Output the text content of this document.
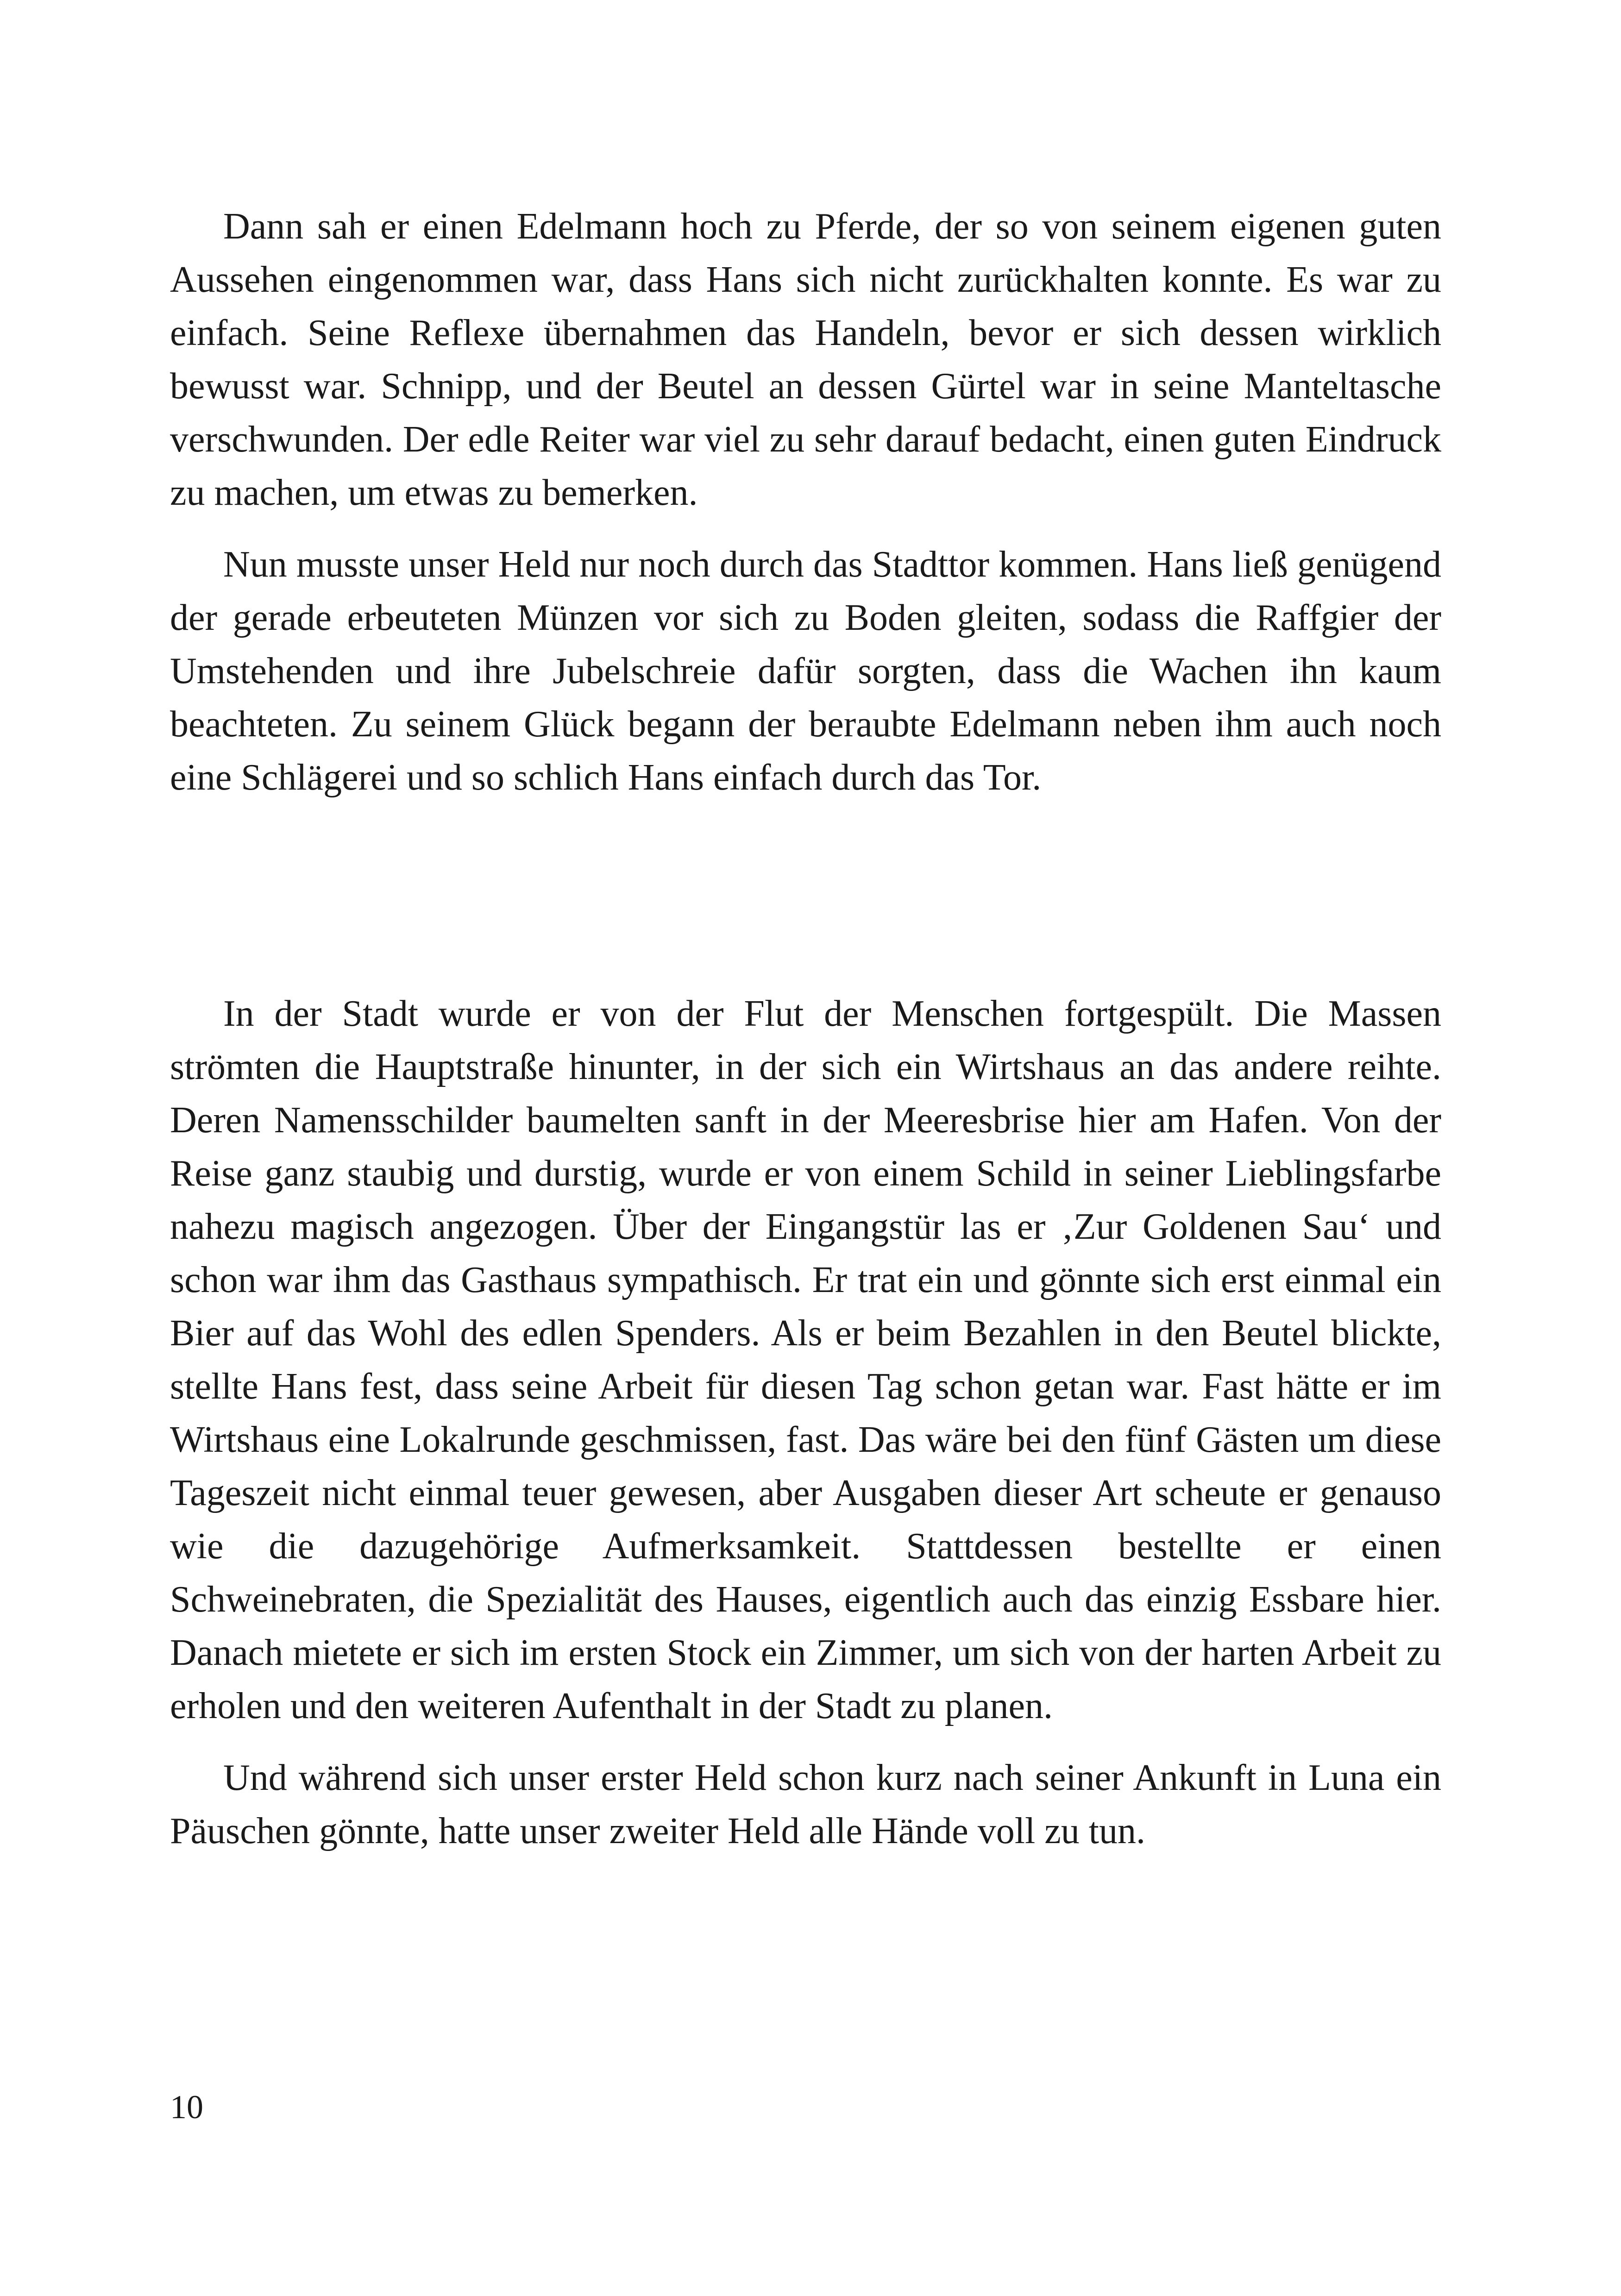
Dann sah er einen Edelmann hoch zu Pferde, der so von seinem eigenen guten Aussehen eingenommen war, dass Hans sich nicht zurückhalten konnte. Es war zu einfach. Seine Reflexe übernahmen das Handeln, bevor er sich dessen wirklich bewusst war. Schnipp, und der Beutel an dessen Gürtel war in seine Manteltasche verschwunden. Der edle Reiter war viel zu sehr darauf bedacht, einen guten Eindruck zu machen, um etwas zu bemerken.

Nun musste unser Held nur noch durch das Stadttor kommen. Hans ließ genügend der gerade erbeuteten Münzen vor sich zu Boden gleiten, sodass die Raffgier der Umstehenden und ihre Jubelschreie dafür sorgten, dass die Wachen ihn kaum beachteten. Zu seinem Glück begann der beraubte Edelmann neben ihm auch noch eine Schlägerei und so schlich Hans einfach durch das Tor.

In der Stadt wurde er von der Flut der Menschen fortgespült. Die Massen strömten die Hauptstraße hinunter, in der sich ein Wirtshaus an das andere reihte. Deren Namensschilder baumelten sanft in der Meeresbrise hier am Hafen. Von der Reise ganz staubig und durstig, wurde er von einem Schild in seiner Lieblingsfarbe nahezu magisch angezogen. Über der Eingangstür las er ‚Zur Goldenen Sau‘ und schon war ihm das Gasthaus sympathisch. Er trat ein und gönnte sich erst einmal ein Bier auf das Wohl des edlen Spenders. Als er beim Bezahlen in den Beutel blickte, stellte Hans fest, dass seine Arbeit für diesen Tag schon getan war. Fast hätte er im Wirtshaus eine Lokalrunde geschmissen, fast. Das wäre bei den fünf Gästen um diese Tageszeit nicht einmal teuer gewesen, aber Ausgaben dieser Art scheute er genauso wie die dazugehörige Aufmerksamkeit. Stattdessen bestellte er einen Schweinebraten, die Spezialität des Hauses, eigentlich auch das einzig Essbare hier. Danach mietete er sich im ersten Stock ein Zimmer, um sich von der harten Arbeit zu erholen und den weiteren Aufenthalt in der Stadt zu planen.

Und während sich unser erster Held schon kurz nach seiner Ankunft in Luna ein Päuschen gönnte, hatte unser zweiter Held alle Hände voll zu tun.

10
